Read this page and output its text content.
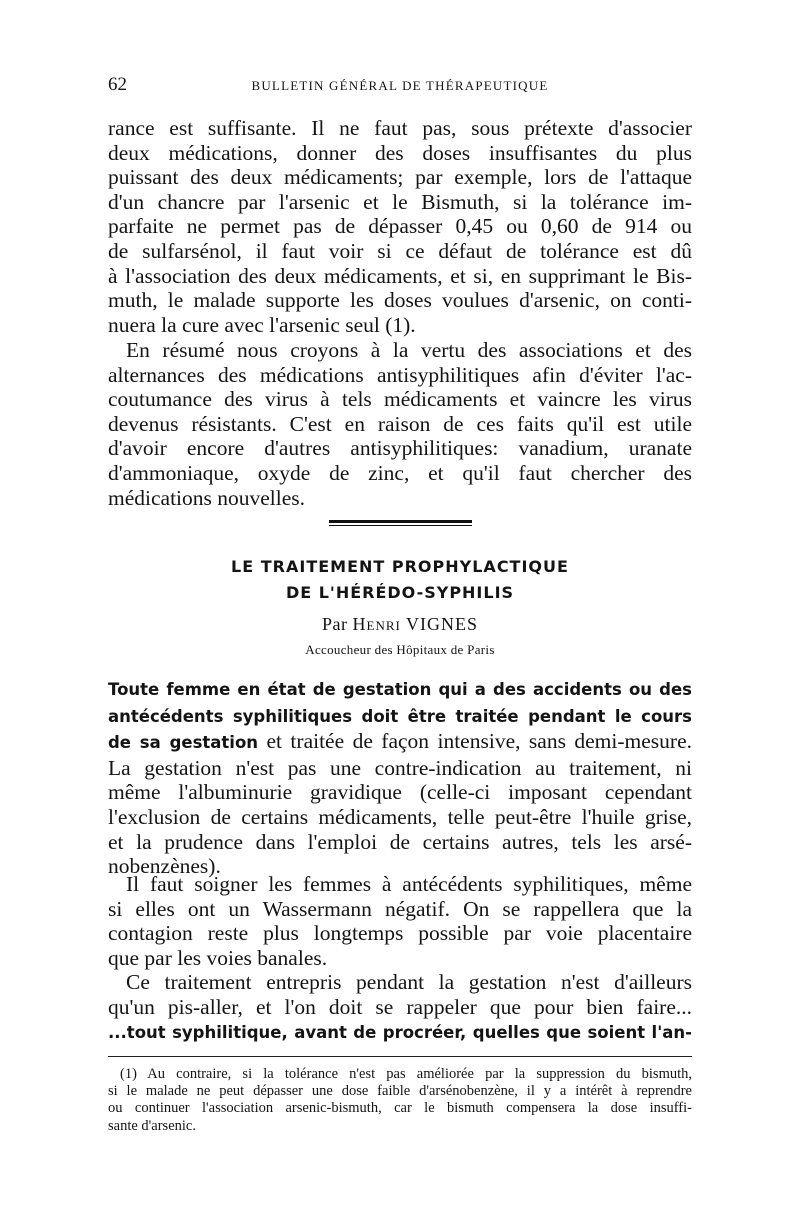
62	BULLETIN GÉNÉRAL DE THÉRAPEUTIQUE

rance est suffisante. Il ne faut pas, sous prétexte d'associer

deux médications, donner des doses insuffisantes du plus

puissant des deux médicaments; par exemple, lors de l'attaque

d'un chancre par l'arsenic et le Bismuth, si la tolérance im-

parfaite ne permet pas de dépasser 0,45 ou 0,60 de 914 ou

de sulfarsénol, il faut voir si ce défaut de tolérance est dû

à l'association des deux médicaments, et si, en supprimant le Bis-

muth, le malade supporte les doses voulues d'arsenic, on conti-

nuera la cure avec l'arsenic seul (1).

En résumé nous croyons à la vertu des associations et des

alternances des médications antisyphilitiques afin d'éviter l'ac-

coutumance des virus à tels médicaments et vaincre les virus

devenus résistants. C'est en raison de ces faits qu'il est utile

d'avoir encore d'autres antisyphilitiques: vanadium, uranate

d'ammoniaque, oxyde de zinc, et qu'il faut chercher des

médications nouvelles.

LE TRAITEMENT PROPHYLACTIQUE
DE L'HÉRÉDO-SYPHILIS
Par Henri VIGNES
Accoucheur des Hôpitaux de Paris

Toute femme en état de gestation qui a des accidents ou des

antécédents syphilitiques doit être traitée pendant le cours

de sa gestation et traitée de façon intensive, sans demi-mesure.

La gestation n'est pas une contre-indication au traitement, ni

même l'albuminurie gravidique (celle-ci imposant cependant

l'exclusion de certains médicaments, telle peut-être l'huile grise,

et la prudence dans l'emploi de certains autres, tels les arsé-

nobenzènes).

Il faut soigner les femmes à antécédents syphilitiques, même

si elles ont un Wassermann négatif. On se rappellera que la

contagion reste plus longtemps possible par voie placentaire

que par les voies banales.

Ce traitement entrepris pendant la gestation n'est d'ailleurs

qu'un pis-aller, et l'on doit se rappeler que pour bien faire...

...tout syphilitique, avant de procréer, quelles que soient l'an-

(1) Au contraire, si la tolérance n'est pas améliorée par la suppression du bismuth,

si le malade ne peut dépasser une dose faible d'arsénobenzène, il y a intérêt à reprendre

ou continuer l'association arsenic-bismuth, car le bismuth compensera la dose insuffi-

sante d'arsenic.
